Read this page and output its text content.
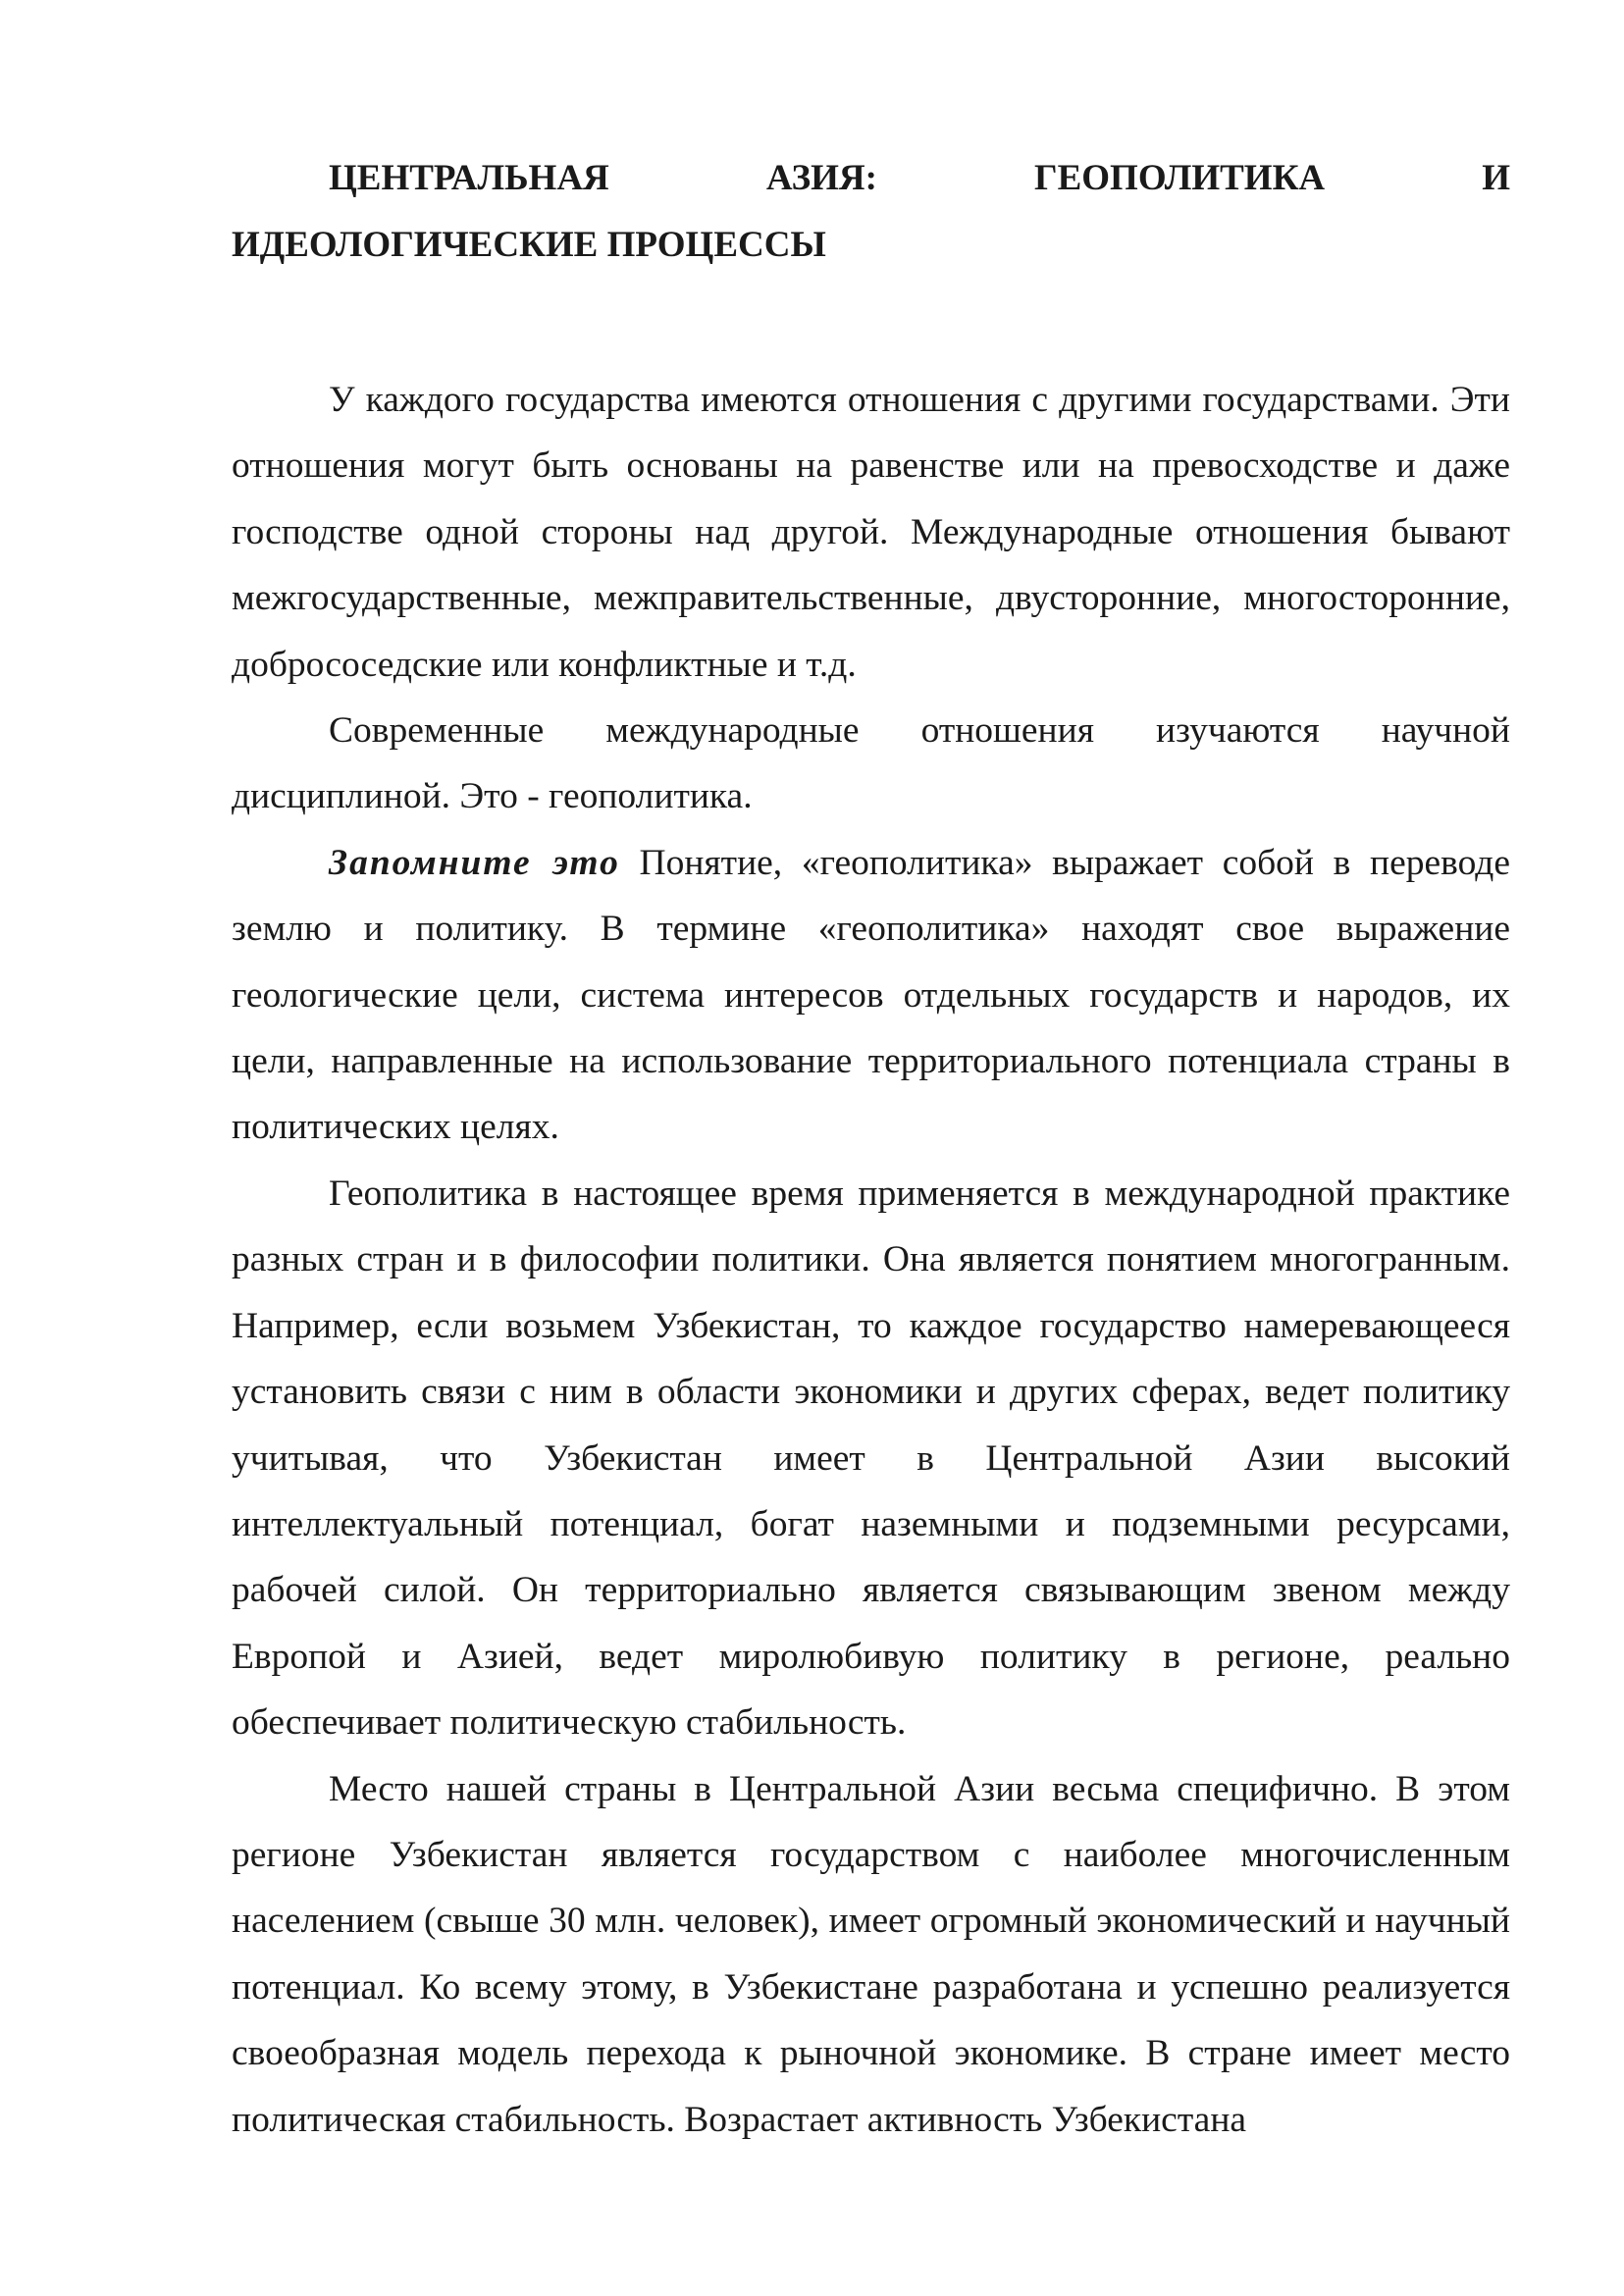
ЦЕНТРАЛЬНАЯ	АЗИЯ:	ГЕОПОЛИТИКА	И
ИДЕОЛОГИЧЕСКИЕ ПРОЦЕССЫ

У каждого государства имеются отношения с другими государствами. Эти отношения могут быть основаны на равенстве или на превосходстве и даже господстве одной стороны над другой. Международные отношения бывают межгосударственные, межправительственные, двусторонние, многосторонние, добрососедские или конфликтные и т.д.

Современные международные отношения изучаются научной дисциплиной. Это - геополитика.

Запомните это Понятие, «геополитика» выражает собой в переводе землю и политику. В термине «геополитика» находят свое выражение геологические цели, система интересов отдельных государств и народов, их цели, направленные на использование территориального потенциала страны в политических целях.

Геополитика в настоящее время применяется в международной практике разных стран и в философии политики. Она является понятием многогранным. Например, если возьмем Узбекистан, то каждое государство намеревающееся установить связи с ним в области экономики и других сферах, ведет политику учитывая, что Узбекистан имеет в Центральной Азии высокий интеллектуальный потенциал, богат наземными и подземными ресурсами, рабочей силой. Он территориально является связывающим звеном между Европой и Азией, ведет миролюбивую политику в регионе, реально обеспечивает политическую стабильность.

Место нашей страны в Центральной Азии весьма специфично. В этом регионе Узбекистан является государством с наиболее многочисленным населением (свыше 30 млн. человек), имеет огромный экономический и научный потенциал. Ко всему этому, в Узбекистане разработана и успешно реализуется своеобразная модель перехода к рыночной экономике. В стране имеет место политическая стабильность. Возрастает активность Узбекистана
